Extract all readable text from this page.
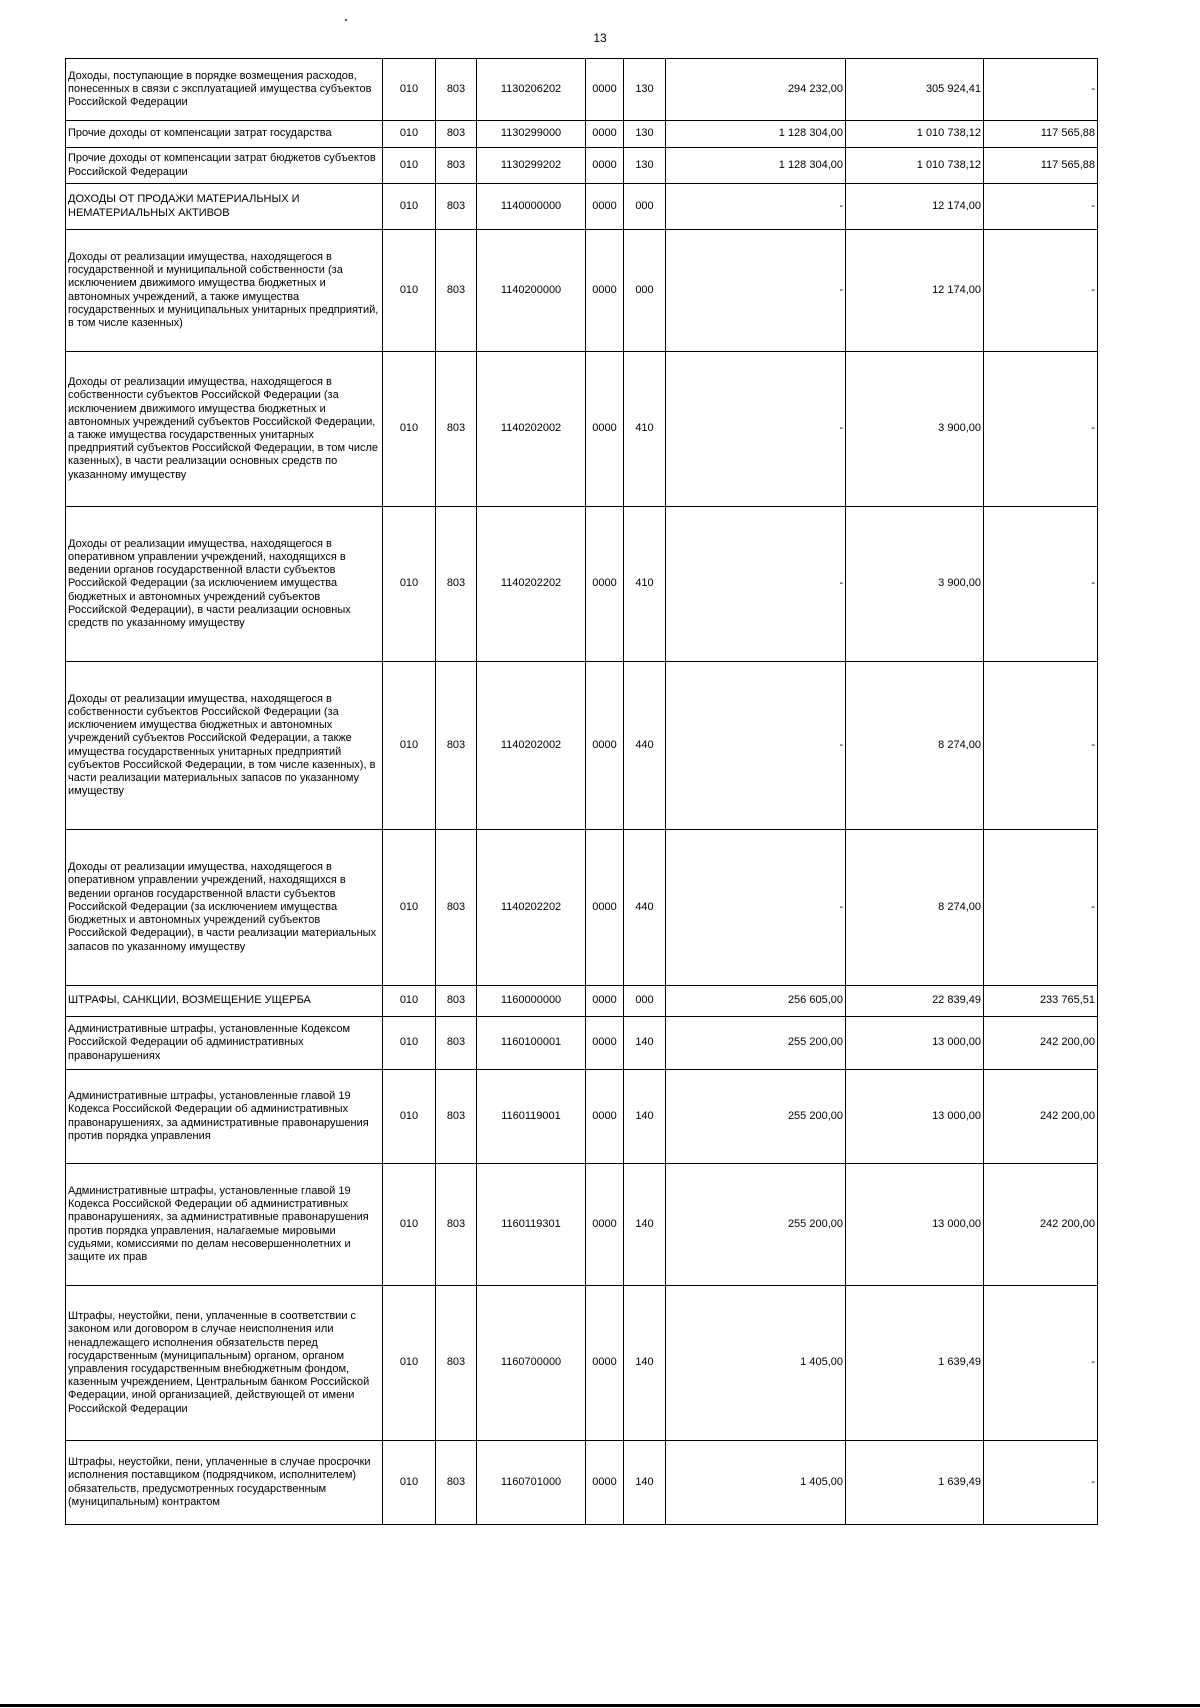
13
Доходы, поступающие в порядке возмещения расходов, понесенных в связи с эксплуатацией имущества субъектов Российской Федерации	010	803	1130206202	0000	130	294 232,00	305 924,41	-

Прочие доходы от компенсации затрат государства	010	803	1130299000	0000	130	1 128 304,00	1 010 738,12	117 565,88

Прочие доходы от компенсации затрат бюджетов субъектов Российской Федерации	010	803	1130299202	0000	130	1 128 304,00	1 010 738,12	117 565,88

ДОХОДЫ ОТ ПРОДАЖИ МАТЕРИАЛЬНЫХ И НЕМАТЕРИАЛЬНЫХ АКТИВОВ	010	803	1140000000	0000	000	-	12 174,00	-

Доходы от реализации имущества, находящегося в государственной и муниципальной собственности (за исключением движимого имущества бюджетных и автономных учреждений, а также имущества государственных и муниципальных унитарных предприятий, в том числе казенных)	010	803	1140200000	0000	000	-	12 174,00	-

Доходы от реализации имущества, находящегося в собственности субъектов Российской Федерации (за исключением движимого имущества бюджетных и автономных учреждений субъектов Российской Федерации, а также имущества государственных унитарных предприятий субъектов Российской Федерации, в том числе казенных), в части реализации основных средств по указанному имуществу	010	803	1140202002	0000	410	-	3 900,00	-

Доходы от реализации имущества, находящегося в оперативном управлении учреждений, находящихся в ведении органов государственной власти субъектов Российской Федерации (за исключением имущества бюджетных и автономных учреждений субъектов Российской Федерации), в части реализации основных средств по указанному имуществу	010	803	1140202202	0000	410	-	3 900,00	-

Доходы от реализации имущества, находящегося в собственности субъектов Российской Федерации (за исключением имущества бюджетных и автономных учреждений субъектов Российской Федерации, а также имущества государственных унитарных предприятий субъектов Российской Федерации, в том числе казенных), в части реализации материальных запасов по указанному имуществу	010	803	1140202002	0000	440	-	8 274,00	-

Доходы от реализации имущества, находящегося в оперативном управлении учреждений, находящихся в ведении органов государственной власти субъектов Российской Федерации (за исключением имущества бюджетных и автономных учреждений субъектов Российской Федерации), в части реализации материальных запасов по указанному имуществу	010	803	1140202202	0000	440	-	8 274,00	-

ШТРАФЫ, САНКЦИИ, ВОЗМЕЩЕНИЕ УЩЕРБА	010	803	1160000000	0000	000	256 605,00	22 839,49	233 765,51

Административные штрафы, установленные Кодексом Российской Федерации об административных правонарушениях	010	803	1160100001	0000	140	255 200,00	13 000,00	242 200,00

Административные штрафы, установленные главой 19 Кодекса Российской Федерации об административных правонарушениях, за административные правонарушения против порядка управления	010	803	1160119001	0000	140	255 200,00	13 000,00	242 200,00

Административные штрафы, установленные главой 19 Кодекса Российской Федерации об административных правонарушениях, за административные правонарушения против порядка управления, налагаемые мировыми судьями, комиссиями по делам несовершеннолетних и защите их прав	010	803	1160119301	0000	140	255 200,00	13 000,00	242 200,00

Штрафы, неустойки, пени, уплаченные в соответствии с законом или договором в случае неисполнения или ненадлежащего исполнения обязательств перед государственным (муниципальным) органом, органом управления государственным внебюджетным фондом, казенным учреждением, Центральным банком Российской Федерации, иной организацией, действующей от имени Российской Федерации	010	803	1160700000	0000	140	1 405,00	1 639,49	-

Штрафы, неустойки, пени, уплаченные в случае просрочки исполнения поставщиком (подрядчиком, исполнителем) обязательств, предусмотренных государственным (муниципальным) контрактом	010	803	1160701000	0000	140	1 405,00	1 639,49	-
